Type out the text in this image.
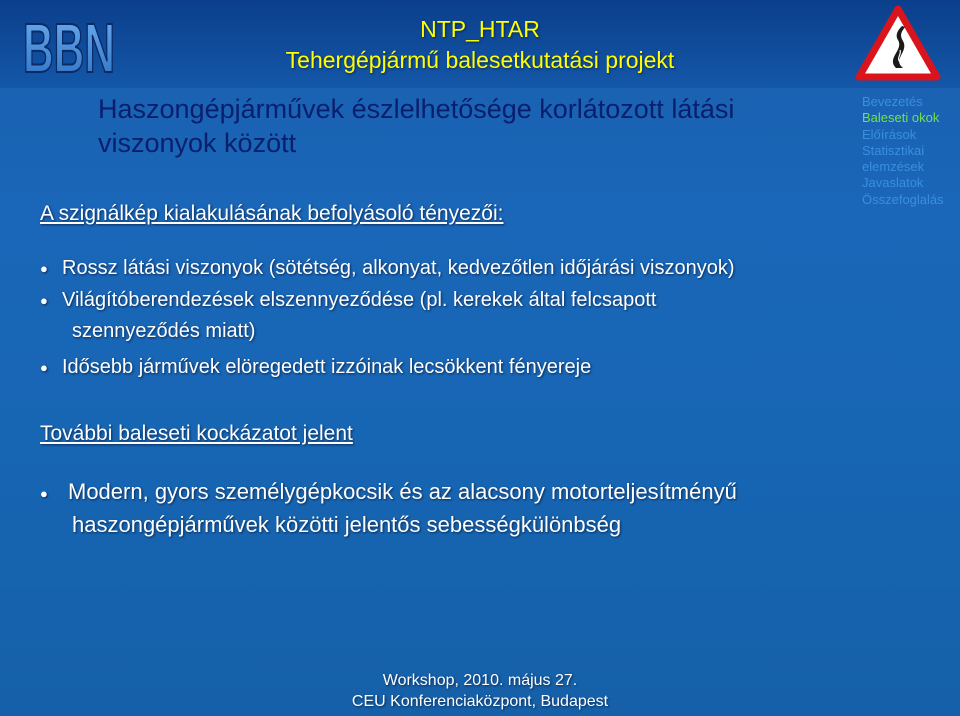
BBN	NTP_HTAR
Tehergépjármű balesetkutatási projekt
Haszongépjárművek észlelhetősége korlátozott látási
viszonyok között
Bevezetés
Baleseti okok
Előírások
Statisztikai
elemzések
Javaslatok
Összefoglalás
A szignálkép kialakulásának befolyásoló tényezői:
● Rossz látási viszonyok (sötétség, alkonyat, kedvezőtlen időjárási viszonyok)
● Világítóberendezések elszennyeződése (pl. kerekek által felcsapott
szennyeződés miatt)
● Idősebb járművek elöregedett izzóinak lecsökkent fényereje
További baleseti kockázatot jelent
● Modern, gyors személygépkocsik és az alacsony motorteljesítményű
haszongépjárművek közötti jelentős sebességkülönbség
Workshop, 2010. május 27.
CEU Konferenciaközpont, Budapest
